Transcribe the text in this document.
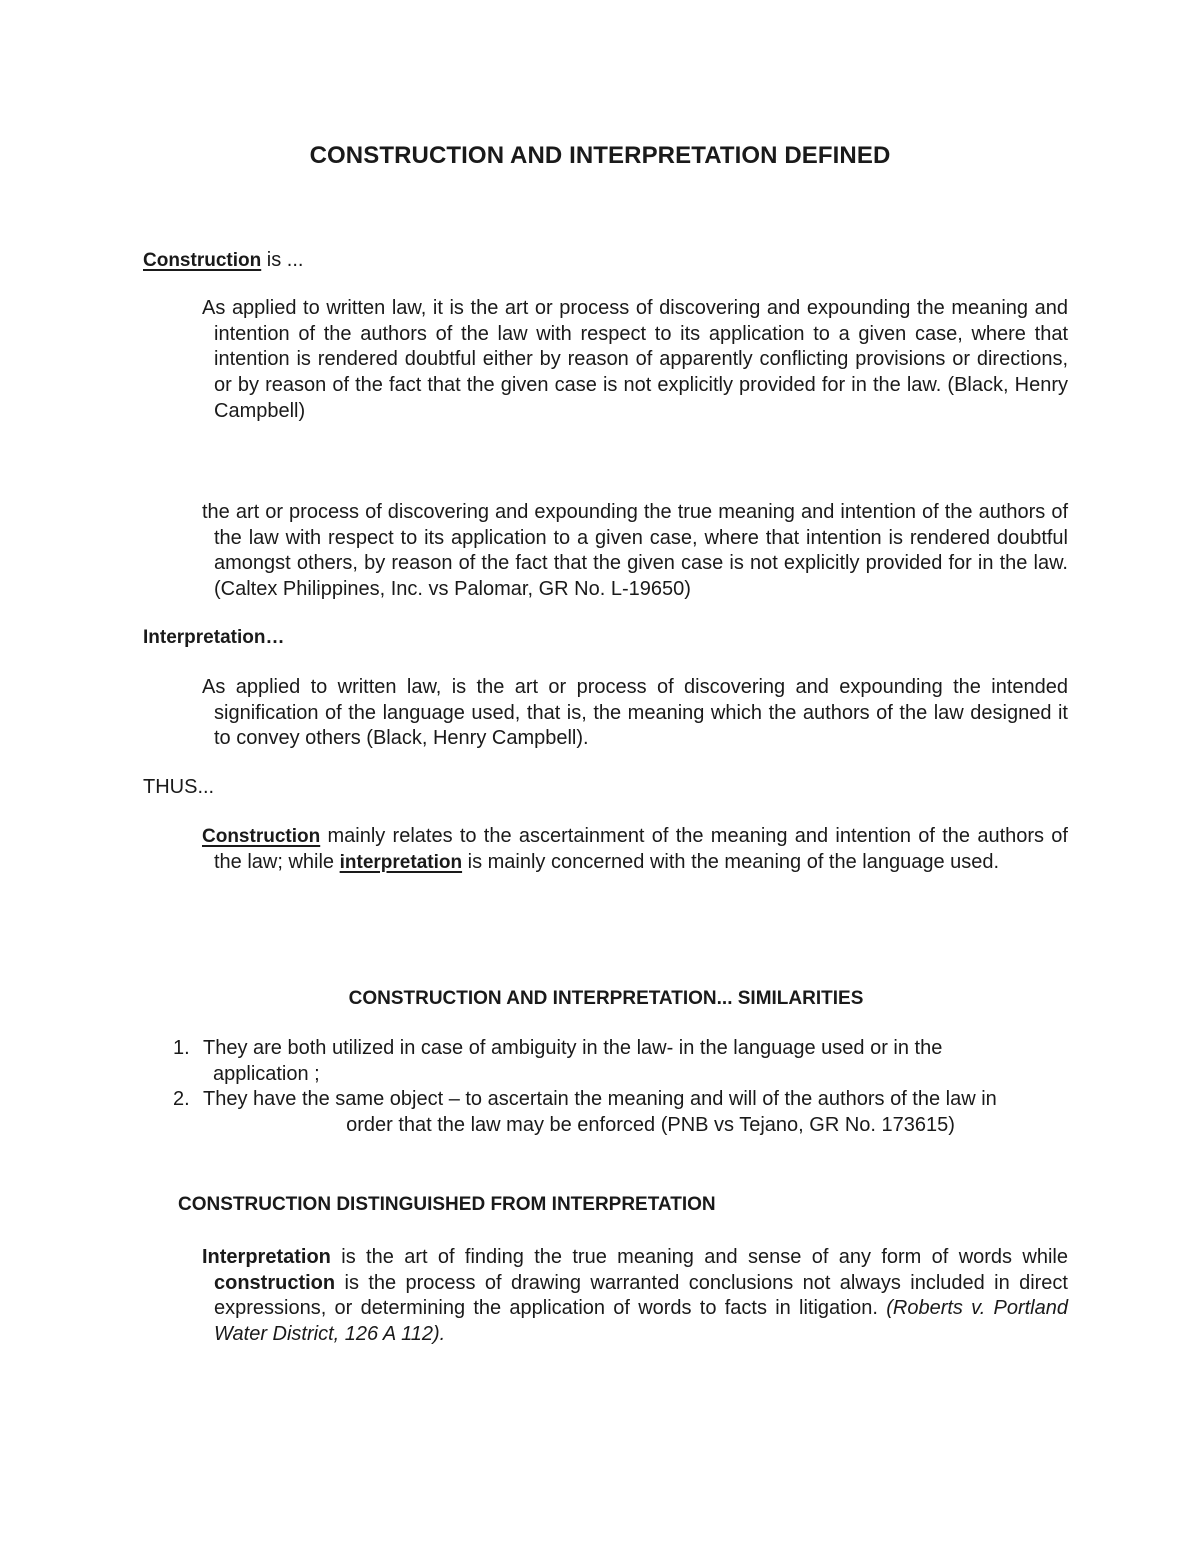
CONSTRUCTION AND INTERPRETATION DEFINED
Construction is ...
As applied to written law, it is the art or process of discovering and expounding the meaning and intention of the authors of the law with respect to its application to a given case, where that intention is rendered doubtful either by reason of apparently conflicting provisions or directions, or by reason of the fact that the given case is not explicitly provided for in the law. (Black, Henry Campbell)
the art or process of discovering and expounding the true meaning and intention of the authors of the law with respect to its application to a given case, where that intention is rendered doubtful amongst others, by reason of the fact that the given case is not explicitly provided for in the law. (Caltex Philippines, Inc. vs Palomar, GR No. L-19650)
Interpretation…
As applied to written law, is the art or process of discovering and expounding the intended signification of the language used, that is, the meaning which the authors of the law designed it to convey others (Black, Henry Campbell).
THUS...
Construction mainly relates to the ascertainment of the meaning and intention of the authors of the law; while interpretation is mainly concerned with the meaning of the language used.
CONSTRUCTION AND INTERPRETATION... SIMILARITIES
1. They are both utilized in case of ambiguity in the law- in the language used or in the
application ;
2. They have the same object – to ascertain the meaning and will of the authors of the law in
order that the law may be enforced (PNB vs Tejano, GR No. 173615)
CONSTRUCTION DISTINGUISHED FROM INTERPRETATION
Interpretation is the art of finding the true meaning and sense of any form of words while construction is the process of drawing warranted conclusions not always included in direct expressions, or determining the application of words to facts in litigation. (Roberts v. Portland Water District, 126 A 112).
